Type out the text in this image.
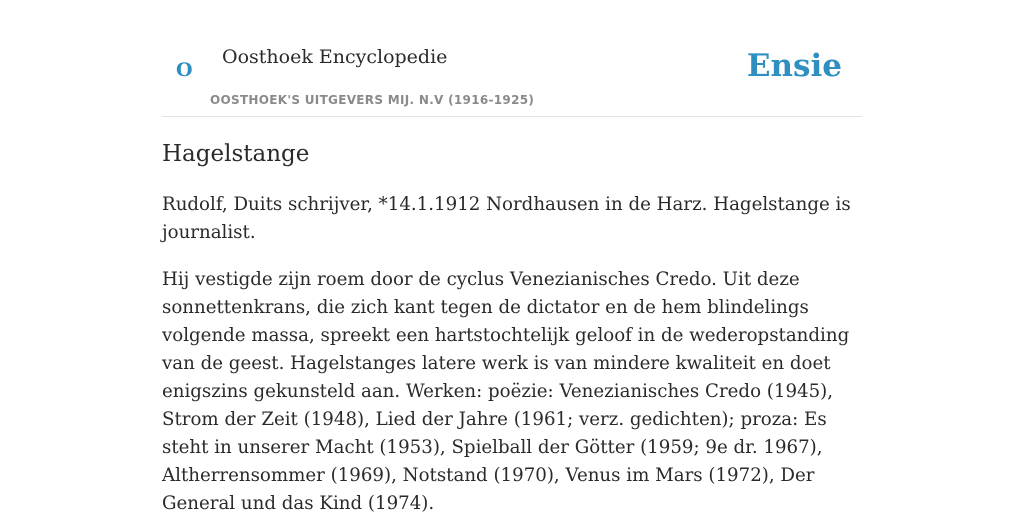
o Oosthoek Encyclopedie
OOSTHOEK'S UITGEVERS MIJ. N.V (1916-1925)
Ensie
Hagelstange

Rudolf, Duits schrijver, *14.1.1912 Nordhausen in de Harz. Hagelstange is journalist.

Hij vestigde zijn roem door de cyclus Venezianisches Credo. Uit deze sonnettenkrans, die zich kant tegen de dictator en de hem blindelings volgende massa, spreekt een hartstochtelijk geloof in de wederopstanding van de geest. Hagelstanges latere werk is van mindere kwaliteit en doet enigszins gekunsteld aan. Werken: poëzie: Venezianisches Credo (1945), Strom der Zeit (1948), Lied der Jahre (1961; verz. gedichten); proza: Es steht in unserer Macht (1953), Spielball der Götter (1959; 9e dr. 1967), Altherrensommer (1969), Notstand (1970), Venus im Mars (1972), Der General und das Kind (1974).
